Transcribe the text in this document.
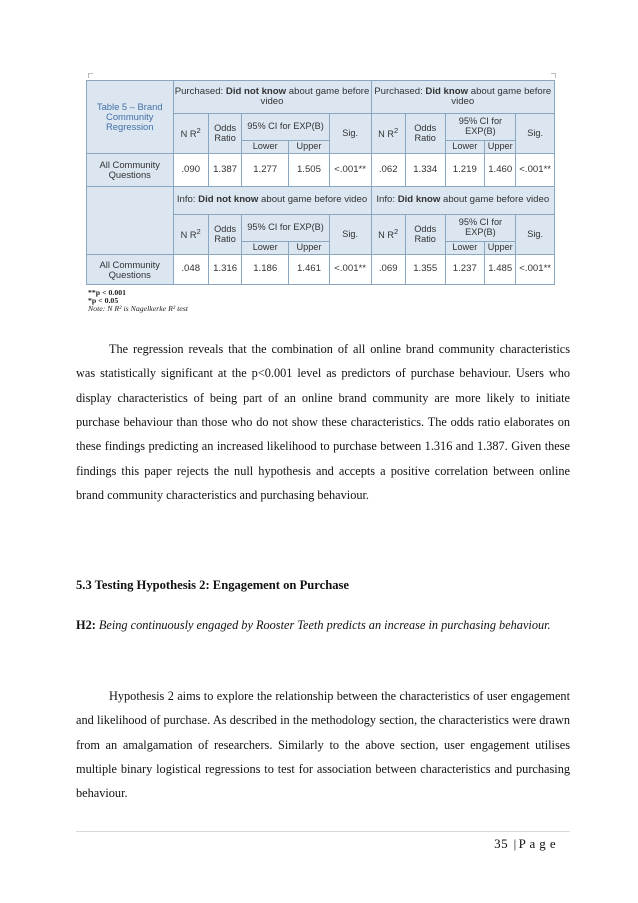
Table 5 – Brand Community Regression	Purchased: Did not know about game before video					Purchased: Did know about game before video				
	N $R^2$	Odds Ratio	95% CI for EXP(B)		Sig.	N $R^2$	Odds Ratio	95% CI for EXP(B)		Sig.
			Lower	Upper				Lower	Upper	
All Community Questions	.090	1.387	1.277	1.505	<.001**	.062	1.334	1.219	1.460	<.001**
	Info: Did not know about game before video					Info: Did know about game before video				
	N $R^2$	Odds Ratio	95% CI for EXP(B)		Sig.	N $R^2$	Odds Ratio	95% CI for EXP(B)		Sig.
			Lower	Upper				Lower	Upper	
All Community Questions	.048	1.316	1.186	1.461	<.001**	.069	1.355	1.237	1.485	<.001**
**p < 0.001
*p < 0.05
Note: N R² is Nagelkerke R² test
The regression reveals that the combination of all online brand community characteristics was statistically significant at the p<0.001 level as predictors of purchase behaviour. Users who display characteristics of being part of an online brand community are more likely to initiate purchase behaviour than those who do not show these characteristics. The odds ratio elaborates on these findings predicting an increased likelihood to purchase between 1.316 and 1.387. Given these findings this paper rejects the null hypothesis and accepts a positive correlation between online brand community characteristics and purchasing behaviour.
5.3 Testing Hypothesis 2: Engagement on Purchase
H2: Being continuously engaged by Rooster Teeth predicts an increase in purchasing behaviour.
Hypothesis 2 aims to explore the relationship between the characteristics of user engagement and likelihood of purchase. As described in the methodology section, the characteristics were drawn from an amalgamation of researchers. Similarly to the above section, user engagement utilises multiple binary logistical regressions to test for association between characteristics and purchasing behaviour.
35 | P a g e
